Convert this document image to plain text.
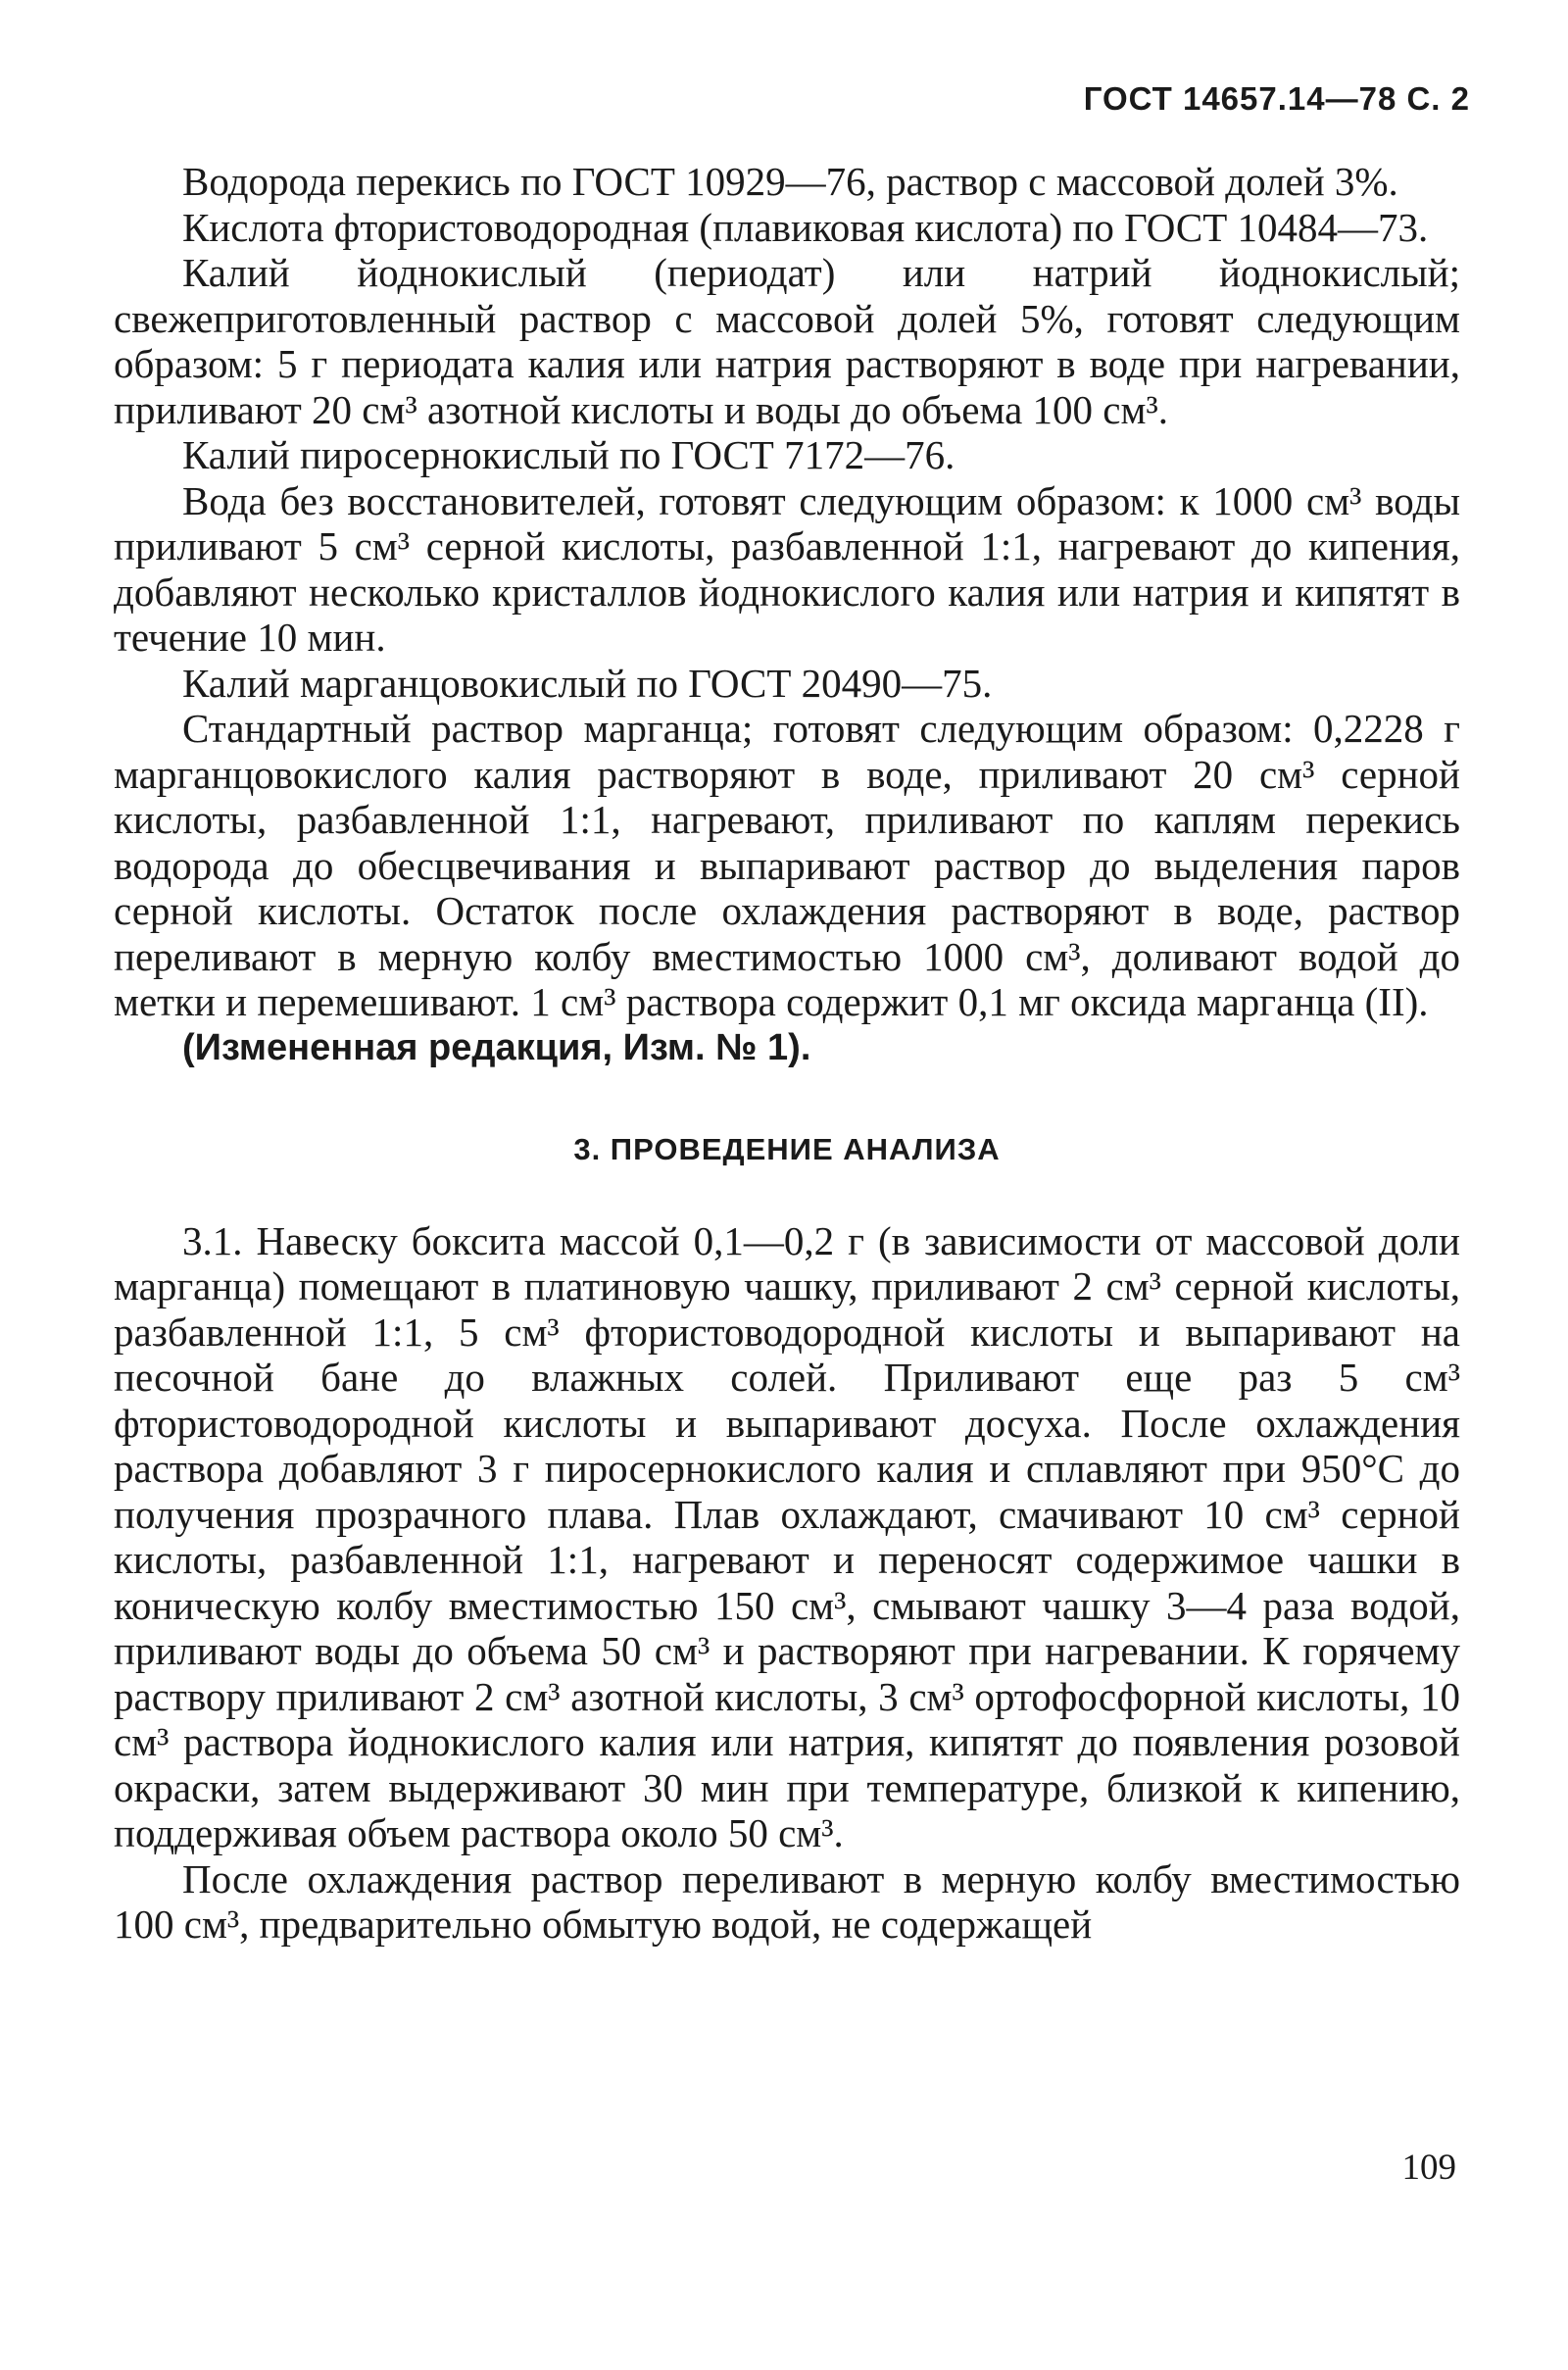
ГОСТ 14657.14—78 С. 2

Водорода перекись по ГОСТ 10929—76, раствор с массовой долей 3%.

Кислота фтористоводородная (плавиковая кислота) по ГОСТ 10484—73.

Калий йоднокислый (периодат) или натрий йоднокислый; свежеприготовленный раствор с массовой долей 5%, готовят следующим образом: 5 г периодата калия или натрия растворяют в воде при нагревании, приливают 20 см³ азотной кислоты и воды до объема 100 см³.

Калий пиросернокислый по ГОСТ 7172—76.

Вода без восстановителей, готовят следующим образом: к 1000 см³ воды приливают 5 см³ серной кислоты, разбавленной 1:1, нагревают до кипения, добавляют несколько кристаллов йоднокислого калия или натрия и кипятят в течение 10 мин.

Калий марганцовокислый по ГОСТ 20490—75.

Стандартный раствор марганца; готовят следующим образом: 0,2228 г марганцовокислого калия растворяют в воде, приливают 20 см³ серной кислоты, разбавленной 1:1, нагревают, приливают по каплям перекись водорода до обесцвечивания и выпаривают раствор до выделения паров серной кислоты. Остаток после охлаждения растворяют в воде, раствор переливают в мерную колбу вместимостью 1000 см³, доливают водой до метки и перемешивают. 1 см³ раствора содержит 0,1 мг оксида марганца (II).

(Измененная редакция, Изм. № 1).

3. ПРОВЕДЕНИЕ АНАЛИЗА

3.1. Навеску боксита массой 0,1—0,2 г (в зависимости от массовой доли марганца) помещают в платиновую чашку, приливают 2 см³ серной кислоты, разбавленной 1:1, 5 см³ фтористоводородной кислоты и выпаривают на песочной бане до влажных солей. Приливают еще раз 5 см³ фтористоводородной кислоты и выпаривают досуха. После охлаждения раствора добавляют 3 г пиросернокислого калия и сплавляют при 950°С до получения прозрачного плава. Плав охлаждают, смачивают 10 см³ серной кислоты, разбавленной 1:1, нагревают и переносят содержимое чашки в коническую колбу вместимостью 150 см³, смывают чашку 3—4 раза водой, приливают воды до объема 50 см³ и растворяют при нагревании. К горячему раствору приливают 2 см³ азотной кислоты, 3 см³ ортофосфорной кислоты, 10 см³ раствора йоднокислого калия или натрия, кипятят до появления розовой окраски, затем выдерживают 30 мин при температуре, близкой к кипению, поддерживая объем раствора около 50 см³.

После охлаждения раствор переливают в мерную колбу вместимостью 100 см³, предварительно обмытую водой, не содержащей

109
